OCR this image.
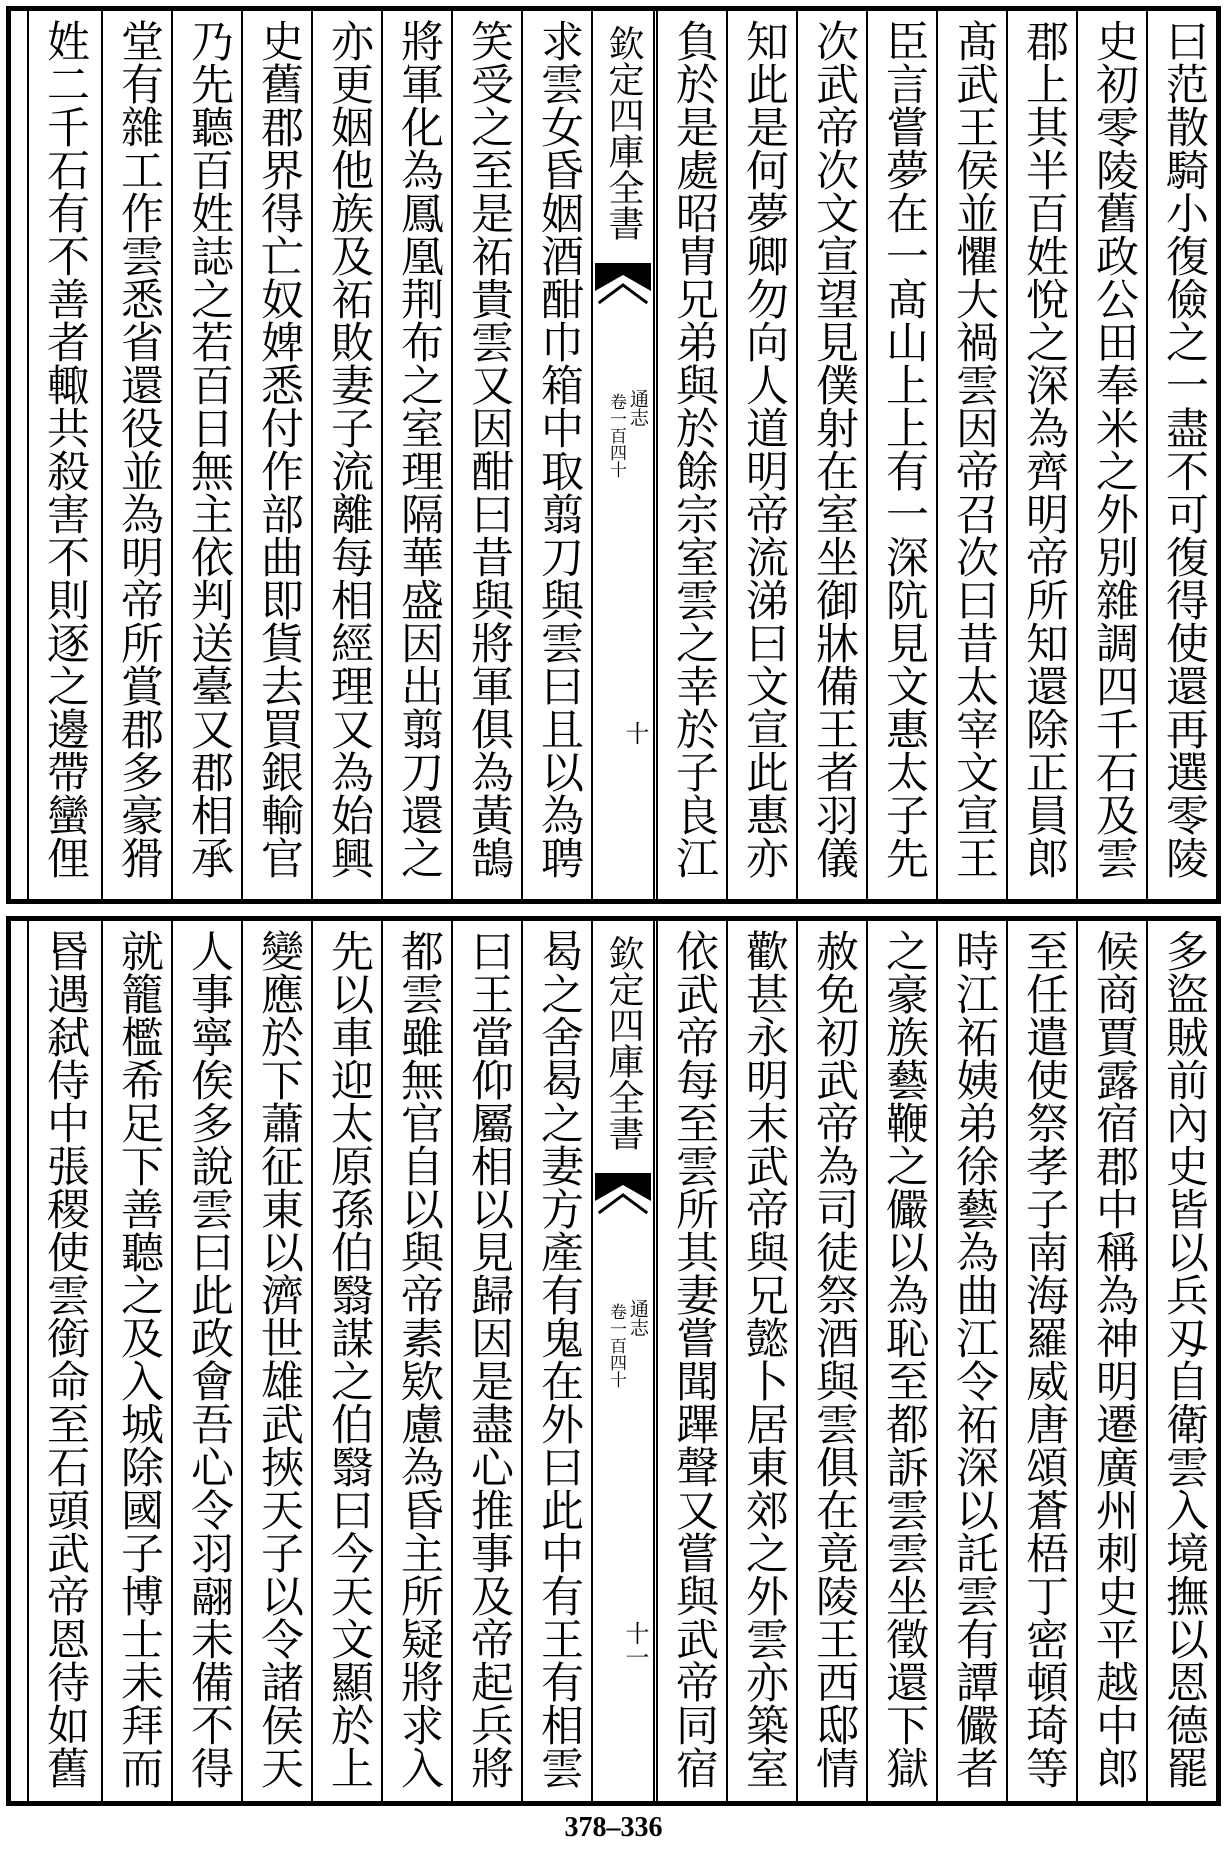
曰范散騎小復儉之一盡不可復得使還再選零陵
史初零陵舊政公田奉米之外別雜調四千石及雲
郡上其半百姓悅之深為齊明帝所知還除正員郎
髙武王侯並懼大禍雲因帝召次曰昔太宰文宣王
臣言嘗夢在一髙山上上有一深阬見文惠太子先
次武帝次文宣望見僕射在室坐御牀備王者羽儀
知此是何夢卿勿向人道明帝流涕曰文宣此惠亦
負於是處昭胄兄弟與於餘宗室雲之幸於子良江
欽定四庫全書
通志
卷一百四十
十
求雲女昏姻酒酣巾箱中取翦刀與雲曰且以為聘
笑受之至是祏貴雲又因酣曰昔與將軍俱為黃鵠
將軍化為鳳凰荆布之室理隔華盛因出翦刀還之
亦更姻他族及祏敗妻子流離每相經理又為始興
史舊郡界得亡奴婢悉付作部曲即貨去買銀輸官
乃先聽百姓誌之若百日無主依判送臺又郡相承
堂有雜工作雲悉省還役並為明帝所賞郡多豪猾
姓二千石有不善者輙共殺害不則逐之邊帶蠻俚
多盜賊前內史皆以兵刄自衛雲入境撫以恩德罷
候商賈露宿郡中稱為神明遷廣州刺史平越中郎
至任遣使祭孝子南海羅威唐頌蒼梧丁密頓琦等
時江祏姨弟徐藝為曲江令祏深以託雲有譚儼者
之豪族藝鞭之儼以為恥至都訴雲雲坐徵還下獄
赦免初武帝為司徒祭酒與雲俱在竟陵王西邸情
歡甚永明末武帝與兄懿卜居東郊之外雲亦築室
依武帝每至雲所其妻嘗聞蹕聲又嘗與武帝同宿
欽定四庫全書
通志
卷一百四十
十一
曷之舍曷之妻方產有鬼在外曰此中有王有相雲
曰王當仰屬相以見歸因是盡心推事及帝起兵將
都雲雖無官自以與帝素欵慮為昏主所疑將求入
先以車迎太原孫伯翳謀之伯翳曰今天文顯於上
變應於下蕭征東以濟世雄武挾天子以令諸侯天
人事寧俟多說雲曰此政會吾心令羽翮未備不得
就籠檻希足下善聽之及入城除國子博士未拜而
昬遇弑侍中張稷使雲銜命至石頭武帝恩待如舊
378–336
